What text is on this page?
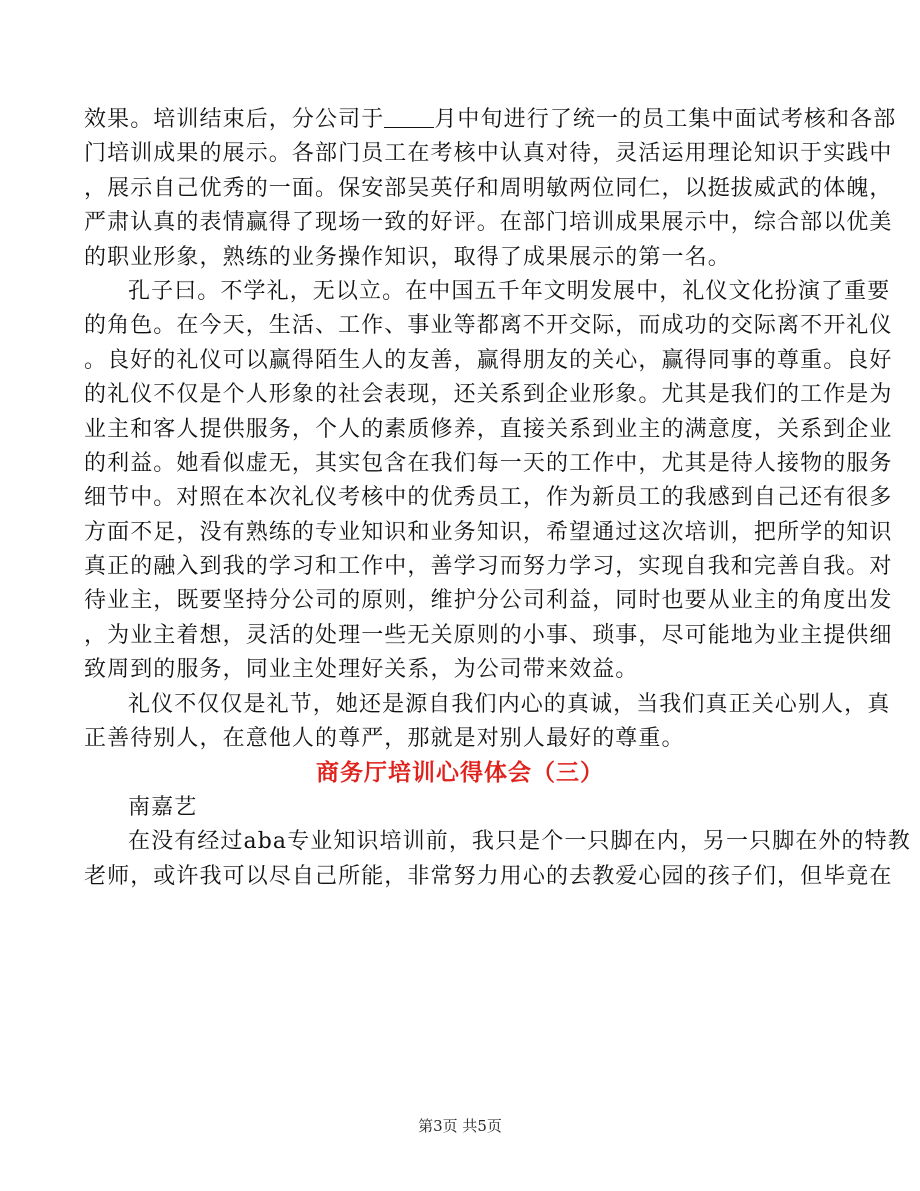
效果。培训结束后，分公司于 月中旬进行了统一的员工集中面试考核和各部
门培训成果的展示。各部门员工在考核中认真对待，灵活运用理论知识于实践中
，展示自己优秀的一面。保安部吴英仔和周明敏两位同仁，以挺拔威武的体魄，
严肃认真的表情赢得了现场一致的好评。在部门培训成果展示中，综合部以优美
的职业形象，熟练的业务操作知识，取得了成果展示的第一名。
孔子曰。不学礼，无以立。在中国五千年文明发展中，礼仪文化扮演了重要
的角色。在今天，生活、工作、事业等都离不开交际，而成功的交际离不开礼仪
。良好的礼仪可以赢得陌生人的友善，赢得朋友的关心，赢得同事的尊重。良好
的礼仪不仅是个人形象的社会表现，还关系到企业形象。尤其是我们的工作是为
业主和客人提供服务，个人的素质修养，直接关系到业主的满意度，关系到企业
的利益。她看似虚无，其实包含在我们每一天的工作中，尤其是待人接物的服务
细节中。对照在本次礼仪考核中的优秀员工，作为新员工的我感到自己还有很多
方面不足，没有熟练的专业知识和业务知识，希望通过这次培训，把所学的知识
真正的融入到我的学习和工作中，善学习而努力学习，实现自我和完善自我。对
待业主，既要坚持分公司的原则，维护分公司利益，同时也要从业主的角度出发
，为业主着想，灵活的处理一些无关原则的小事、琐事，尽可能地为业主提供细
致周到的服务，同业主处理好关系，为公司带来效益。
礼仪不仅仅是礼节，她还是源自我们内心的真诚，当我们真正关心别人，真
正善待别人，在意他人的尊严，那就是对别人最好的尊重。
商务厅培训心得体会（三）
南嘉艺
在没有经过aba专业知识培训前，我只是个一只脚在内，另一只脚在外的特教
老师，或许我可以尽自己所能，非常努力用心的去教爱心园的孩子们，但毕竟在
第3页 共5页
